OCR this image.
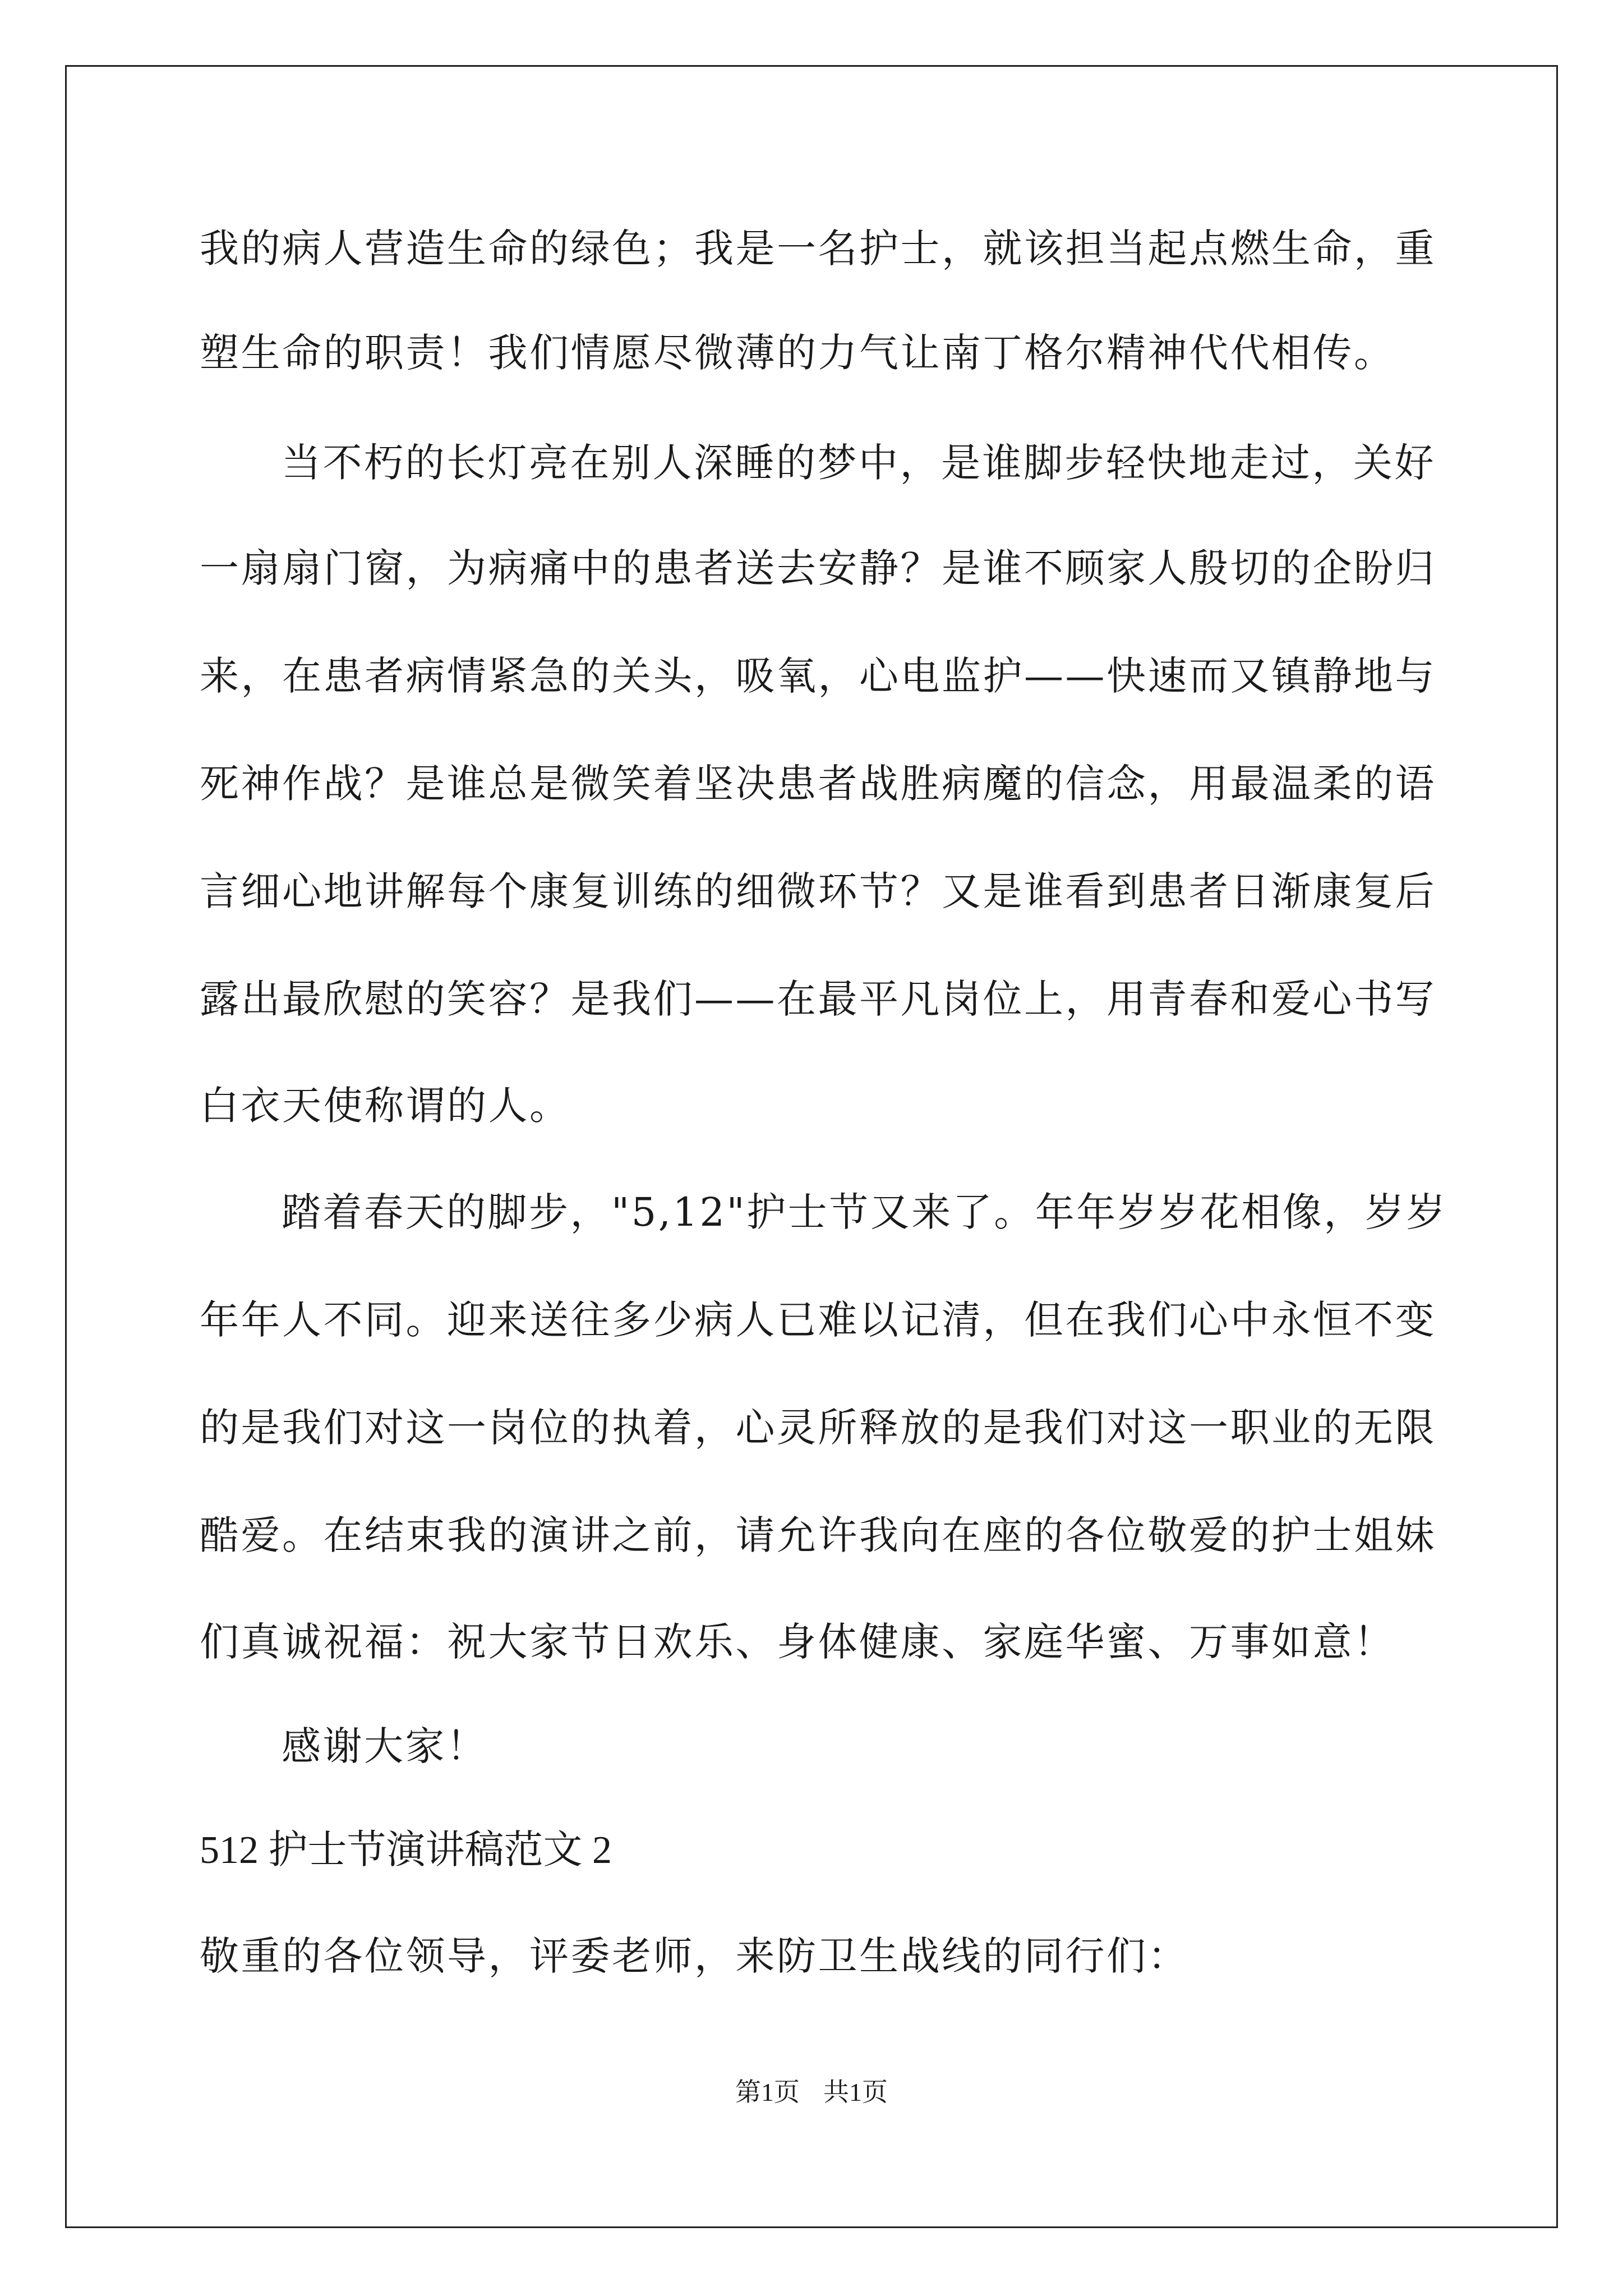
我的病人营造生命的绿色；我是一名护士，就该担当起点燃生命，重
塑生命的职责！我们情愿尽微薄的力气让南丁格尔精神代代相传。
当不朽的长灯亮在别人深睡的梦中，是谁脚步轻快地走过，关好
一扇扇门窗，为病痛中的患者送去安静？是谁不顾家人殷切的企盼归
来，在患者病情紧急的关头，吸氧，心电监护——快速而又镇静地与
死神作战？是谁总是微笑着坚决患者战胜病魔的信念，用最温柔的语
言细心地讲解每个康复训练的细微环节？又是谁看到患者日渐康复后
露出最欣慰的笑容？是我们——在最平凡岗位上，用青春和爱心书写
白衣天使称谓的人。
踏着春天的脚步，"5,12"护士节又来了。年年岁岁花相像，岁岁
年年人不同。迎来送往多少病人已难以记清，但在我们心中永恒不变
的是我们对这一岗位的执着，心灵所释放的是我们对这一职业的无限
酷爱。在结束我的演讲之前，请允许我向在座的各位敬爱的护士姐妹
们真诚祝福：祝大家节日欢乐、身体健康、家庭华蜜、万事如意！
感谢大家！
512 护士节演讲稿范文 2
敬重的各位领导，评委老师，来防卫生战线的同行们：
第1页 共1页
